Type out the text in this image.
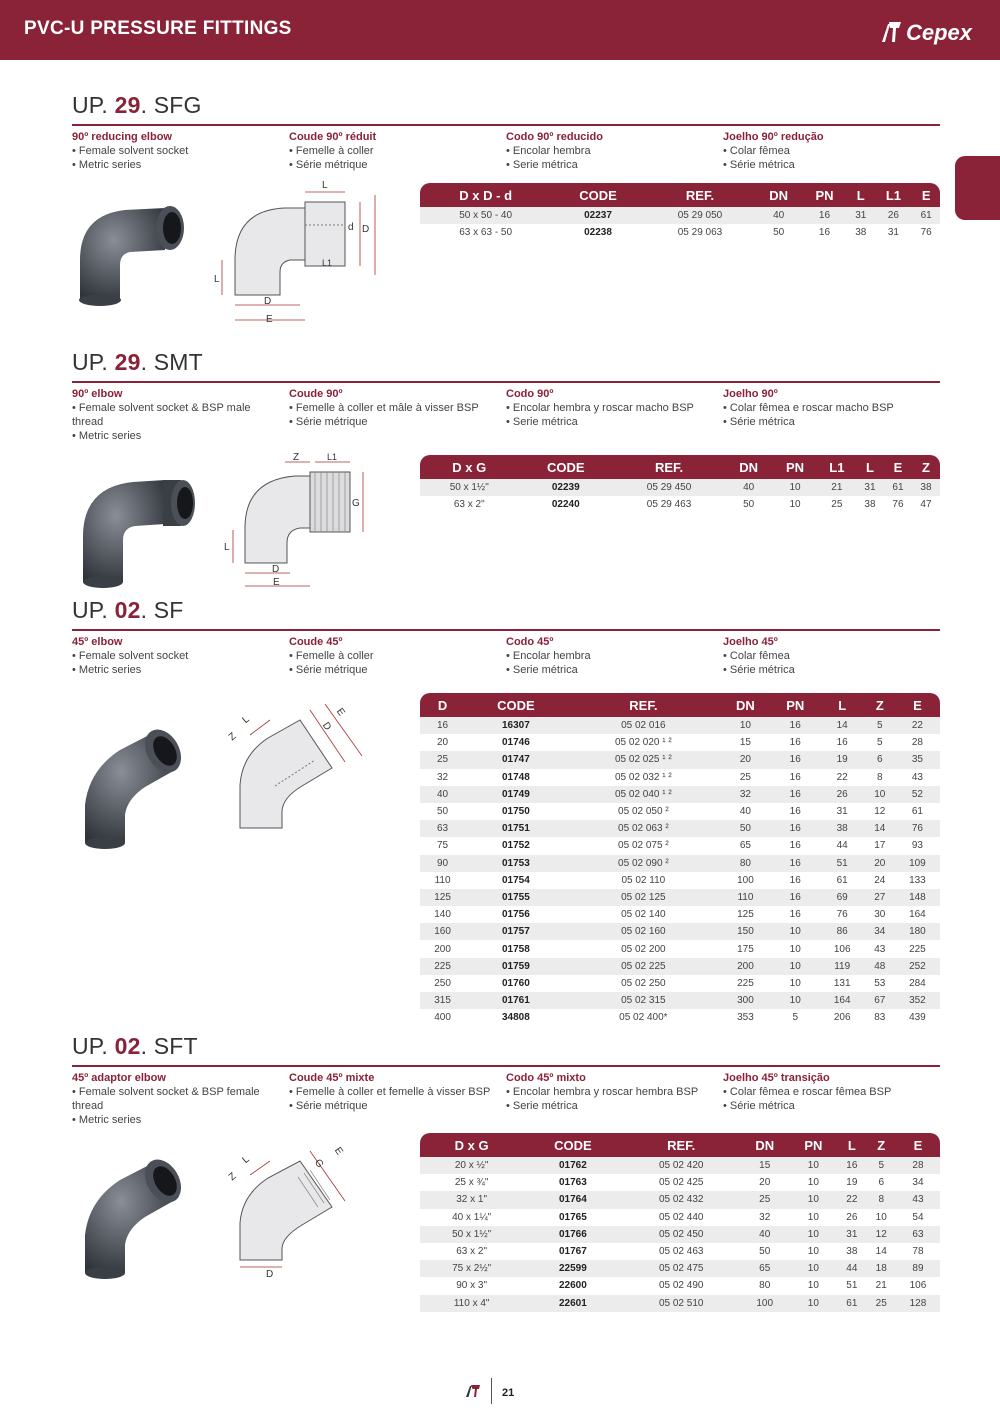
PVC-U PRESSURE FITTINGS	Cepex
UP. 29. SFG
90º reducing elbow
• Female solvent socket
• Metric series
Coude 90º réduit
• Femelle à coller
• Série métrique
Codo 90º reducido
• Encolar hembra
• Serie métrica
Joelho 90º redução
• Colar fêmea
• Série métrica
D x D - d	CODE	REF.	DN	PN	L	L1	E
50 x 50 - 40	02237	05 29 050	40	16	31	26	61
63 x 63 - 50	02238	05 29 063	50	16	38	31	76
L
d D
L1
L
D
E
UP. 29. SMT
90º elbow
• Female solvent socket & BSP male thread
• Metric series
Coude 90º
• Femelle à coller et mâle à visser BSP
• Série métrique
Codo 90º
• Encolar hembra y roscar macho BSP
• Serie métrica
Joelho 90º
• Colar fêmea e roscar macho BSP
• Série métrica
D x G	CODE	REF.	DN	PN	L1	L	E	Z
50 x 1½"	02239	05 29 450	40	10	21	31	61	38
63 x 2"	02240	05 29 463	50	10	25	38	76	47
Z	L1
G
L
D
E
UP. 02. SF
45º elbow
• Female solvent socket
• Metric series
Coude 45º
• Femelle à coller
• Série métrique
Codo 45º
• Encolar hembra
• Serie métrica
Joelho 45º
• Colar fêmea
• Série métrica
D	CODE	REF.	DN	PN	L	Z	E
16	16307	05 02 016	10	16	14	5	22
20	01746	05 02 020 ¹ ²	15	16	16	5	28
25	01747	05 02 025 ¹ ²	20	16	19	6	35
32	01748	05 02 032 ¹ ²	25	16	22	8	43
40	01749	05 02 040 ¹ ²	32	16	26	10	52
50	01750	05 02 050 ²	40	16	31	12	61
63	01751	05 02 063 ²	50	16	38	14	76
75	01752	05 02 075 ²	65	16	44	17	93
90	01753	05 02 090 ²	80	16	51	20	109
110	01754	05 02 110	100	16	61	24	133
125	01755	05 02 125	110	16	69	27	148
140	01756	05 02 140	125	16	76	30	164
160	01757	05 02 160	150	10	86	34	180
200	01758	05 02 200	175	10	106	43	225
225	01759	05 02 225	200	10	119	48	252
250	01760	05 02 250	225	10	131	53	284
315	01761	05 02 315	300	10	164	67	352
400	34808	05 02 400*	353	5	206	83	439
Z
L
D
E
UP. 02. SFT
45º adaptor elbow
• Female solvent socket & BSP female thread
• Metric series
Coude 45º mixte
• Femelle à coller et femelle à visser BSP
• Série métrique
Codo 45º mixto
• Encolar hembra y roscar hembra BSP
• Serie métrica
Joelho 45º transição
• Colar fêmea e roscar fêmea BSP
• Série métrica
D x G	CODE	REF.	DN	PN	L	Z	E
20 x ½"	01762	05 02 420	15	10	16	5	28
25 x ¾"	01763	05 02 425	20	10	19	6	34
32 x 1"	01764	05 02 432	25	10	22	8	43
40 x 1¼"	01765	05 02 440	32	10	26	10	54
50 x 1½"	01766	05 02 450	40	10	31	12	63
63 x 2"	01767	05 02 463	50	10	38	14	78
75 x 2½"	22599	05 02 475	65	10	44	18	89
90 x 3"	22600	05 02 490	80	10	51	21	106
110 x 4"	22601	05 02 510	100	10	61	25	128
Z
L	G
E
D
21
